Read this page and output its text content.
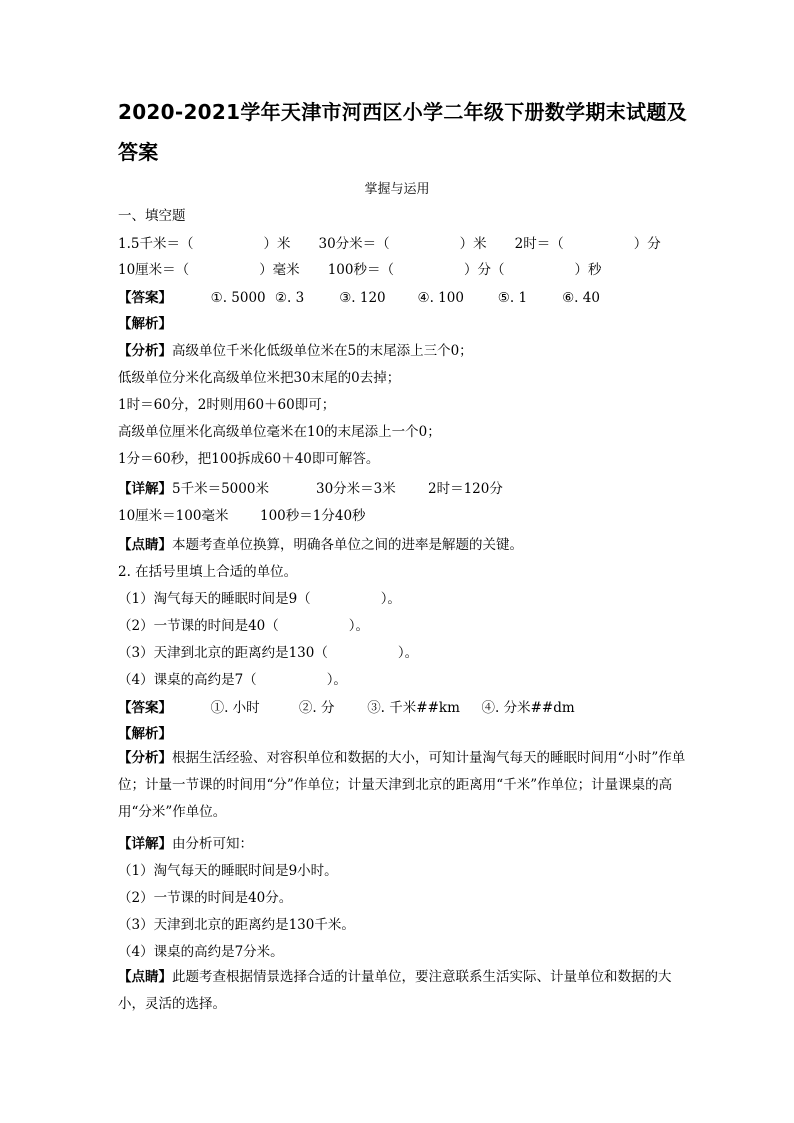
2020-2021学年天津市河西区小学二年级下册数学期末试题及答案
掌握与运用
一、填空题
1.5千米＝（	）米 30分米＝（	）米 2时＝（	）分
10厘米＝（	）毫米 100秒＝（	）分（	）秒
【答案】	①. 5000 ②. 3	③. 120 ④. 100	⑤. 1	⑥. 40
【解析】
【分析】高级单位千米化低级单位米在5的末尾添上三个0；
低级单位分米化高级单位米把30末尾的0去掉；
1时＝60分，2时则用60＋60即可；
高级单位厘米化高级单位毫米在10的末尾添上一个0；
1分＝60秒，把100拆成60＋40即可解答。
【详解】5千米＝5000米	30分米＝3米 2时＝120分
10厘米＝100毫米 100秒＝1分40秒
【点睛】本题考查单位换算，明确各单位之间的进率是解题的关键。
2. 在括号里填上合适的单位。
（1）淘气每天的睡眠时间是9（	）。
（2）一节课的时间是40（	）。
（3）天津到北京的距离约是130（	）。
（4）课桌的高约是7（	）。
【答案】	①. 小时	②. 分 ③. 千米##km ④. 分米##dm
【解析】
【分析】根据生活经验、对容积单位和数据的大小，可知计量淘气每天的睡眠时间用“小时”作单位；计量一节课的时间用“分”作单位；计量天津到北京的距离用“千米”作单位；计量课桌的高用“分米”作单位。
【详解】由分析可知：
（1）淘气每天的睡眠时间是9小时。
（2）一节课的时间是40分。
（3）天津到北京的距离约是130千米。
（4）课桌的高约是7分米。
【点睛】此题考查根据情景选择合适的计量单位，要注意联系生活实际、计量单位和数据的大小，灵活的选择。
